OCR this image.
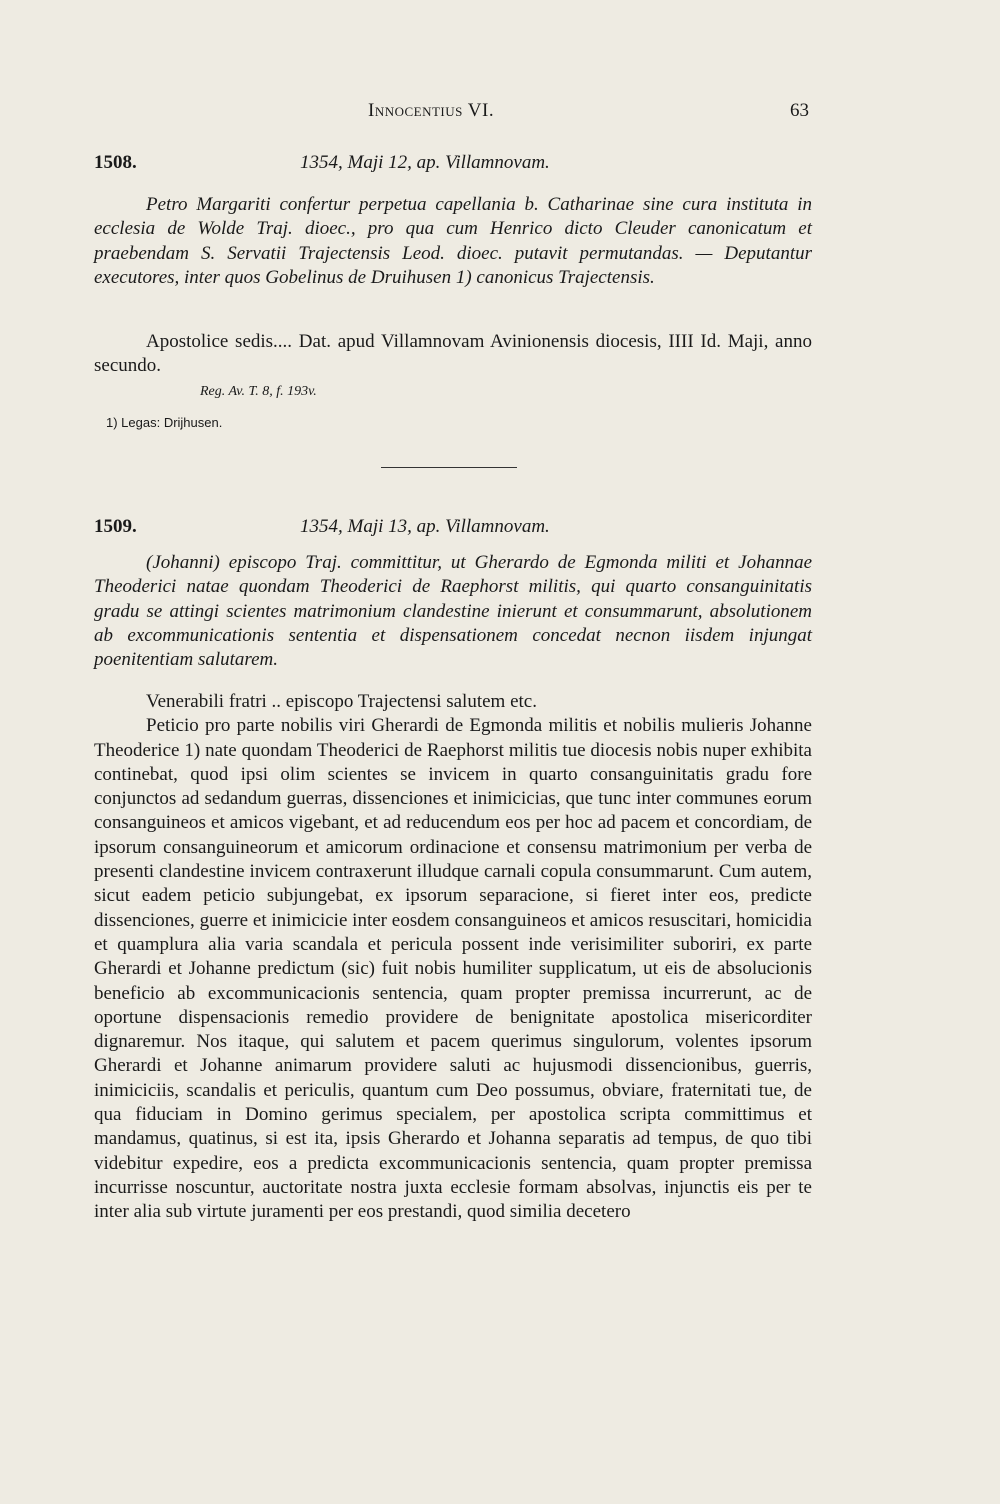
Innocentius VI.	63
1508.	1354, Maji 12, ap. Villamnovam.

Petro Margariti confertur perpetua capellania b. Catharinae sine cura instituta in ecclesia de Wolde Traj. dioec., pro qua cum Henrico dicto Cleuder canonicatum et praebendam S. Servatii Trajectensis Leod. dioec. putavit permutandas. — Deputantur executores, inter quos Gobelinus de Druihusen 1) canonicus Trajectensis.

Apostolice sedis.... Dat. apud Villamnovam Avinionensis diocesis, IIII Id. Maji, anno secundo.

Reg. Av. T. 8, f. 193v.
1) Legas: Drijhusen.
1509.	1354, Maji 13, ap. Villamnovam.

(Johanni) episcopo Traj. committitur, ut Gherardo de Egmonda militi et Johannae Theoderici natae quondam Theoderici de Raephorst militis, qui quarto consanguinitatis gradu se attingi scientes matrimonium clandestine inierunt et consummarunt, absolutionem ab excommunicationis sententia et dispensationem concedat necnon iisdem injungat poenitentiam salutarem.

Venerabili fratri .. episcopo Trajectensi salutem etc.

Peticio pro parte nobilis viri Gherardi de Egmonda militis et nobilis mulieris Johanne Theoderice 1) nate quondam Theoderici de Raephorst militis tue diocesis nobis nuper exhibita continebat, quod ipsi olim scientes se invicem in quarto consanguinitatis gradu fore conjunctos ad sedandum guerras, dissenciones et inimicicias, que tunc inter communes eorum consanguineos et amicos vigebant, et ad reducendum eos per hoc ad pacem et concordiam, de ipsorum consanguineorum et amicorum ordinacione et consensu matrimonium per verba de presenti clandestine invicem contraxerunt illudque carnali copula consummarunt. Cum autem, sicut eadem peticio subjungebat, ex ipsorum separacione, si fieret inter eos, predicte dissenciones, guerre et inimicicie inter eosdem consanguineos et amicos resuscitari, homicidia et quamplura alia varia scandala et pericula possent inde verisimiliter suboriri, ex parte Gherardi et Johanne predictum (sic) fuit nobis humiliter supplicatum, ut eis de absolucionis beneficio ab excommunicacionis sentencia, quam propter premissa incurrerunt, ac de oportune dispensacionis remedio providere de benignitate apostolica misericorditer dignaremur. Nos itaque, qui salutem et pacem querimus singulorum, volentes ipsorum Gherardi et Johanne animarum providere saluti ac hujusmodi dissencionibus, guerris, inimiciciis, scandalis et periculis, quantum cum Deo possumus, obviare, fraternitati tue, de qua fiduciam in Domino gerimus specialem, per apostolica scripta committimus et mandamus, quatinus, si est ita, ipsis Gherardo et Johanna separatis ad tempus, de quo tibi videbitur expedire, eos a predicta excommunicacionis sentencia, quam propter premissa incurrisse noscuntur, auctoritate nostra juxta ecclesie formam absolvas, injunctis eis per te inter alia sub virtute juramenti per eos prestandi, quod similia decetero
